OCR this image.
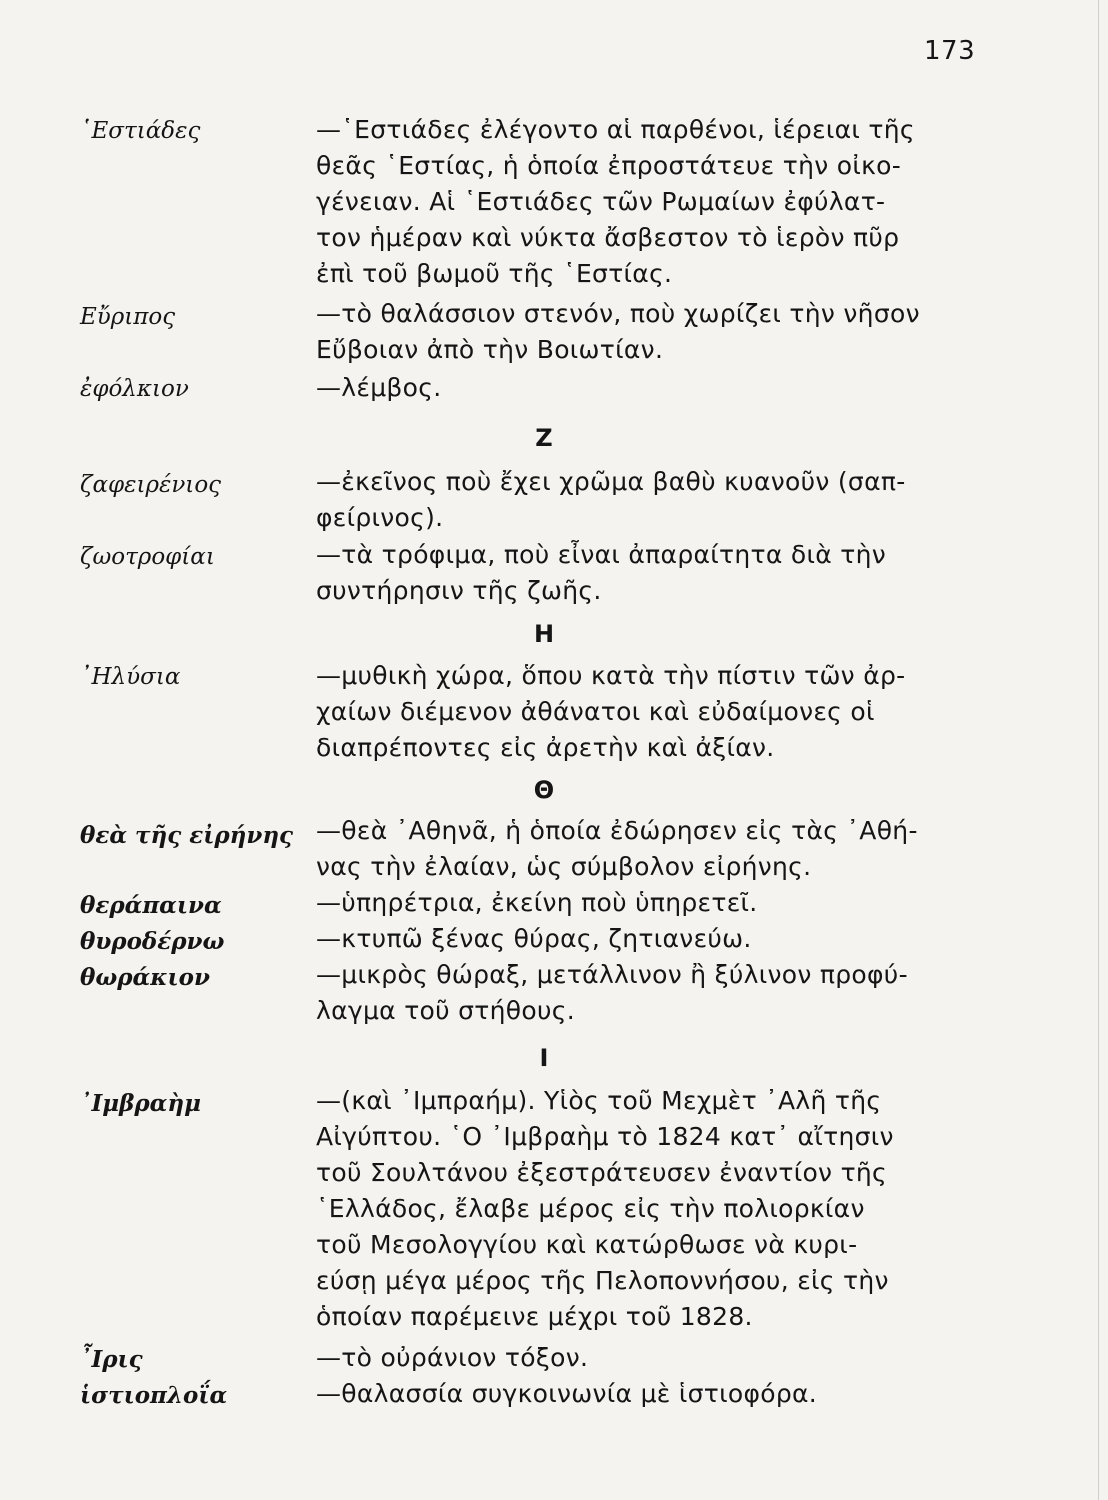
173
῾Εστιάδες	—῾Εστιάδες ἐλέγοντο αἱ παρθένοι, ἱέρειαι τῆς
θεᾶς ῾Εστίας, ἡ ὁποία ἐπροστάτευε τὴν οἰκο-
γένειαν. Αἱ ῾Εστιάδες τῶν Ρωμαίων ἐφύλατ-
τον ἡμέραν καὶ νύκτα ἄσβεστον τὸ ἱερὸν πῦρ
ἐπὶ τοῦ βωμοῦ τῆς ῾Εστίας.
Εὔριπος	—τὸ θαλάσσιον στενόν, ποὺ χωρίζει τὴν νῆσον
Εὔβοιαν ἀπὸ τὴν Βοιωτίαν.
ἐφόλκιον	—λέμβος.
Ζ
ζαφειρένιος	—ἐκεῖνος ποὺ ἔχει χρῶμα βαθὺ κυανοῦν (σαπ-
φείρινος).
ζωοτροφίαι	—τὰ τρόφιμα, ποὺ εἶναι ἀπαραίτητα διὰ τὴν
συντήρησιν τῆς ζωῆς.
Η
᾿Ηλύσια	—μυθικὴ χώρα, ὅπου κατὰ τὴν πίστιν τῶν ἀρ-
χαίων διέμενον ἀθάνατοι καὶ εὐδαίμονες οἱ
διαπρέποντες εἰς ἀρετὴν καὶ ἀξίαν.
Θ
θεὰ τῆς εἰρήνης —θεὰ ᾿Αθηνᾶ, ἡ ὁποία ἐδώρησεν εἰς τὰς ᾿Αθή-
νας τὴν ἐλαίαν, ὡς σύμβολον εἰρήνης.
θεράπαινα	—ὑπηρέτρια, ἐκείνη ποὺ ὑπηρετεῖ.
θυροδέρνω	—κτυπῶ ξένας θύρας, ζητιανεύω.
θωράκιον	—μικρὸς θώραξ, μετάλλινον ἢ ξύλινον προφύ-
λαγμα τοῦ στήθους.
Ι
᾿Ιμβραὴμ	—(καὶ ᾿Ιμπραήμ). Υἱὸς τοῦ Μεχμὲτ ᾿Αλῆ τῆς
Αἰγύπτου. ῾Ο ᾿Ιμβραὴμ τὸ 1824 κατ᾿ αἴτησιν
τοῦ Σουλτάνου ἐξεστράτευσεν ἐναντίον τῆς
῾Ελλάδος, ἔλαβε μέρος εἰς τὴν πολιορκίαν
τοῦ Μεσολογγίου καὶ κατώρθωσε νὰ κυρι-
εύσῃ μέγα μέρος τῆς Πελοποννήσου, εἰς τὴν
ὁποίαν παρέμεινε μέχρι τοῦ 1828.
῏Ιρις	—τὸ οὐράνιον τόξον.
ἱστιοπλοΐα	—θαλασσία συγκοινωνία μὲ ἱστιοφόρα.
